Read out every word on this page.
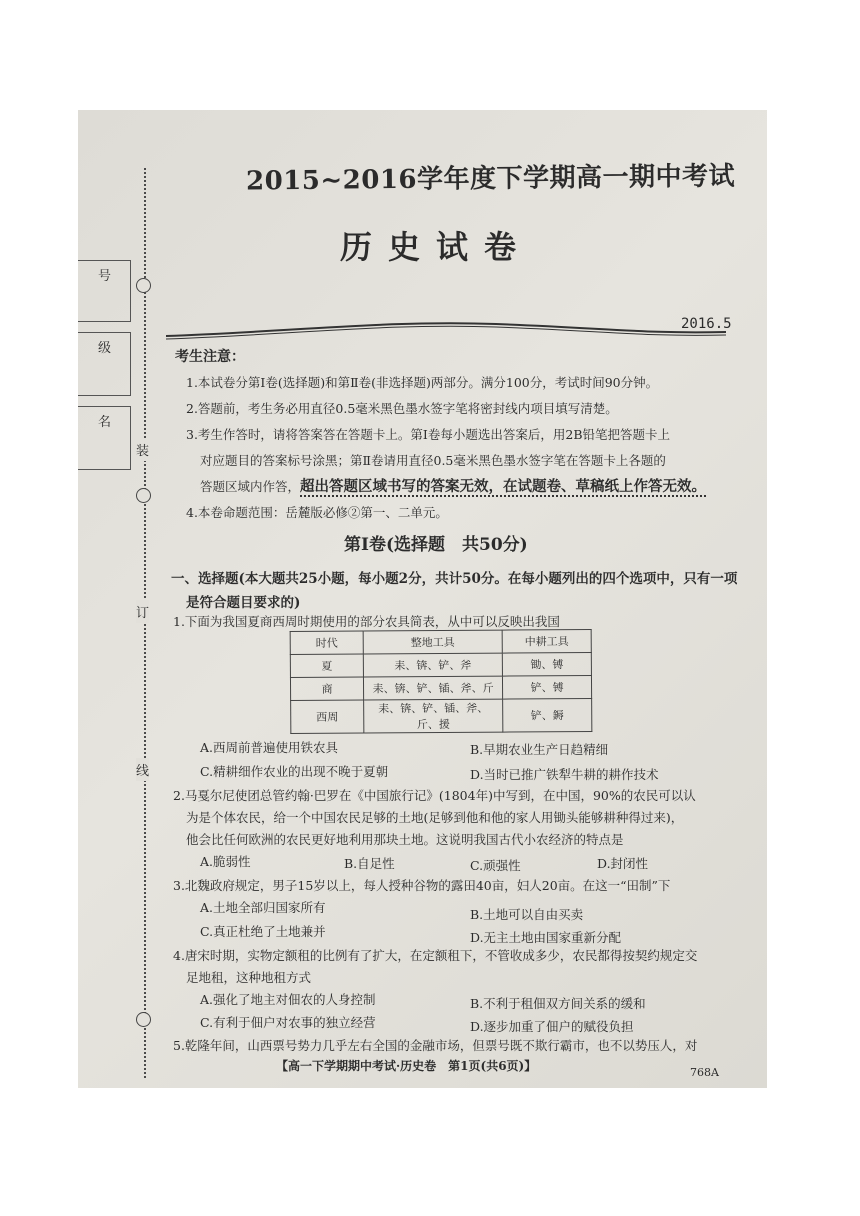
号
级
名
装
订
线
2015~2016学年度下学期高一期中考试
历史试卷
2016.5
考生注意：
1.本试卷分第Ⅰ卷(选择题)和第Ⅱ卷(非选择题)两部分。满分100分，考试时间90分钟。
2.答题前，考生务必用直径0.5毫米黑色墨水签字笔将密封线内项目填写清楚。
3.考生作答时，请将答案答在答题卡上。第Ⅰ卷每小题选出答案后，用2B铅笔把答题卡上
对应题目的答案标号涂黑；第Ⅱ卷请用直径0.5毫米黑色墨水签字笔在答题卡上各题的
答题区域内作答，超出答题区域书写的答案无效，在试题卷、草稿纸上作答无效。
4.本卷命题范围：岳麓版必修②第一、二单元。
第Ⅰ卷(选择题　共50分)
一、选择题(本大题共25小题，每小题2分，共计50分。在每小题列出的四个选项中，只有一项
是符合题目要求的)
1.下面为我国夏商西周时期使用的部分农具简表，从中可以反映出我国
时代	整地工具	中耕工具
夏	耒、锛、铲、斧	锄、镈
商	耒、锛、铲、锸、斧、斤	铲、镈
西周	耒、锛、铲、锸、斧、斤、援	铲、鎒
A.西周前普遍使用铁农具	B.早期农业生产日趋精细
C.精耕细作农业的出现不晚于夏朝	D.当时已推广铁犁牛耕的耕作技术
2.马戛尔尼使团总管约翰·巴罗在《中国旅行记》(1804年)中写到，在中国，90%的农民可以认
为是个体农民，给一个中国农民足够的土地(足够到他和他的家人用锄头能够耕种得过来)，
他会比任何欧洲的农民更好地利用那块土地。这说明我国古代小农经济的特点是
A.脆弱性	B.自足性	C.顽强性	D.封闭性
3.北魏政府规定，男子15岁以上，每人授种谷物的露田40亩，妇人20亩。在这一“田制”下
A.土地全部归国家所有	B.土地可以自由买卖
C.真正杜绝了土地兼并	D.无主土地由国家重新分配
4.唐宋时期，实物定额租的比例有了扩大，在定额租下，不管收成多少，农民都得按契约规定交
足地租，这种地租方式
A.强化了地主对佃农的人身控制	B.不利于租佃双方间关系的缓和
C.有利于佃户对农事的独立经营	D.逐步加重了佃户的赋役负担
5.乾隆年间，山西票号势力几乎左右全国的金融市场，但票号既不欺行霸市，也不以势压人，对
【高一下学期期中考试·历史卷　第1页(共6页)】	768A
